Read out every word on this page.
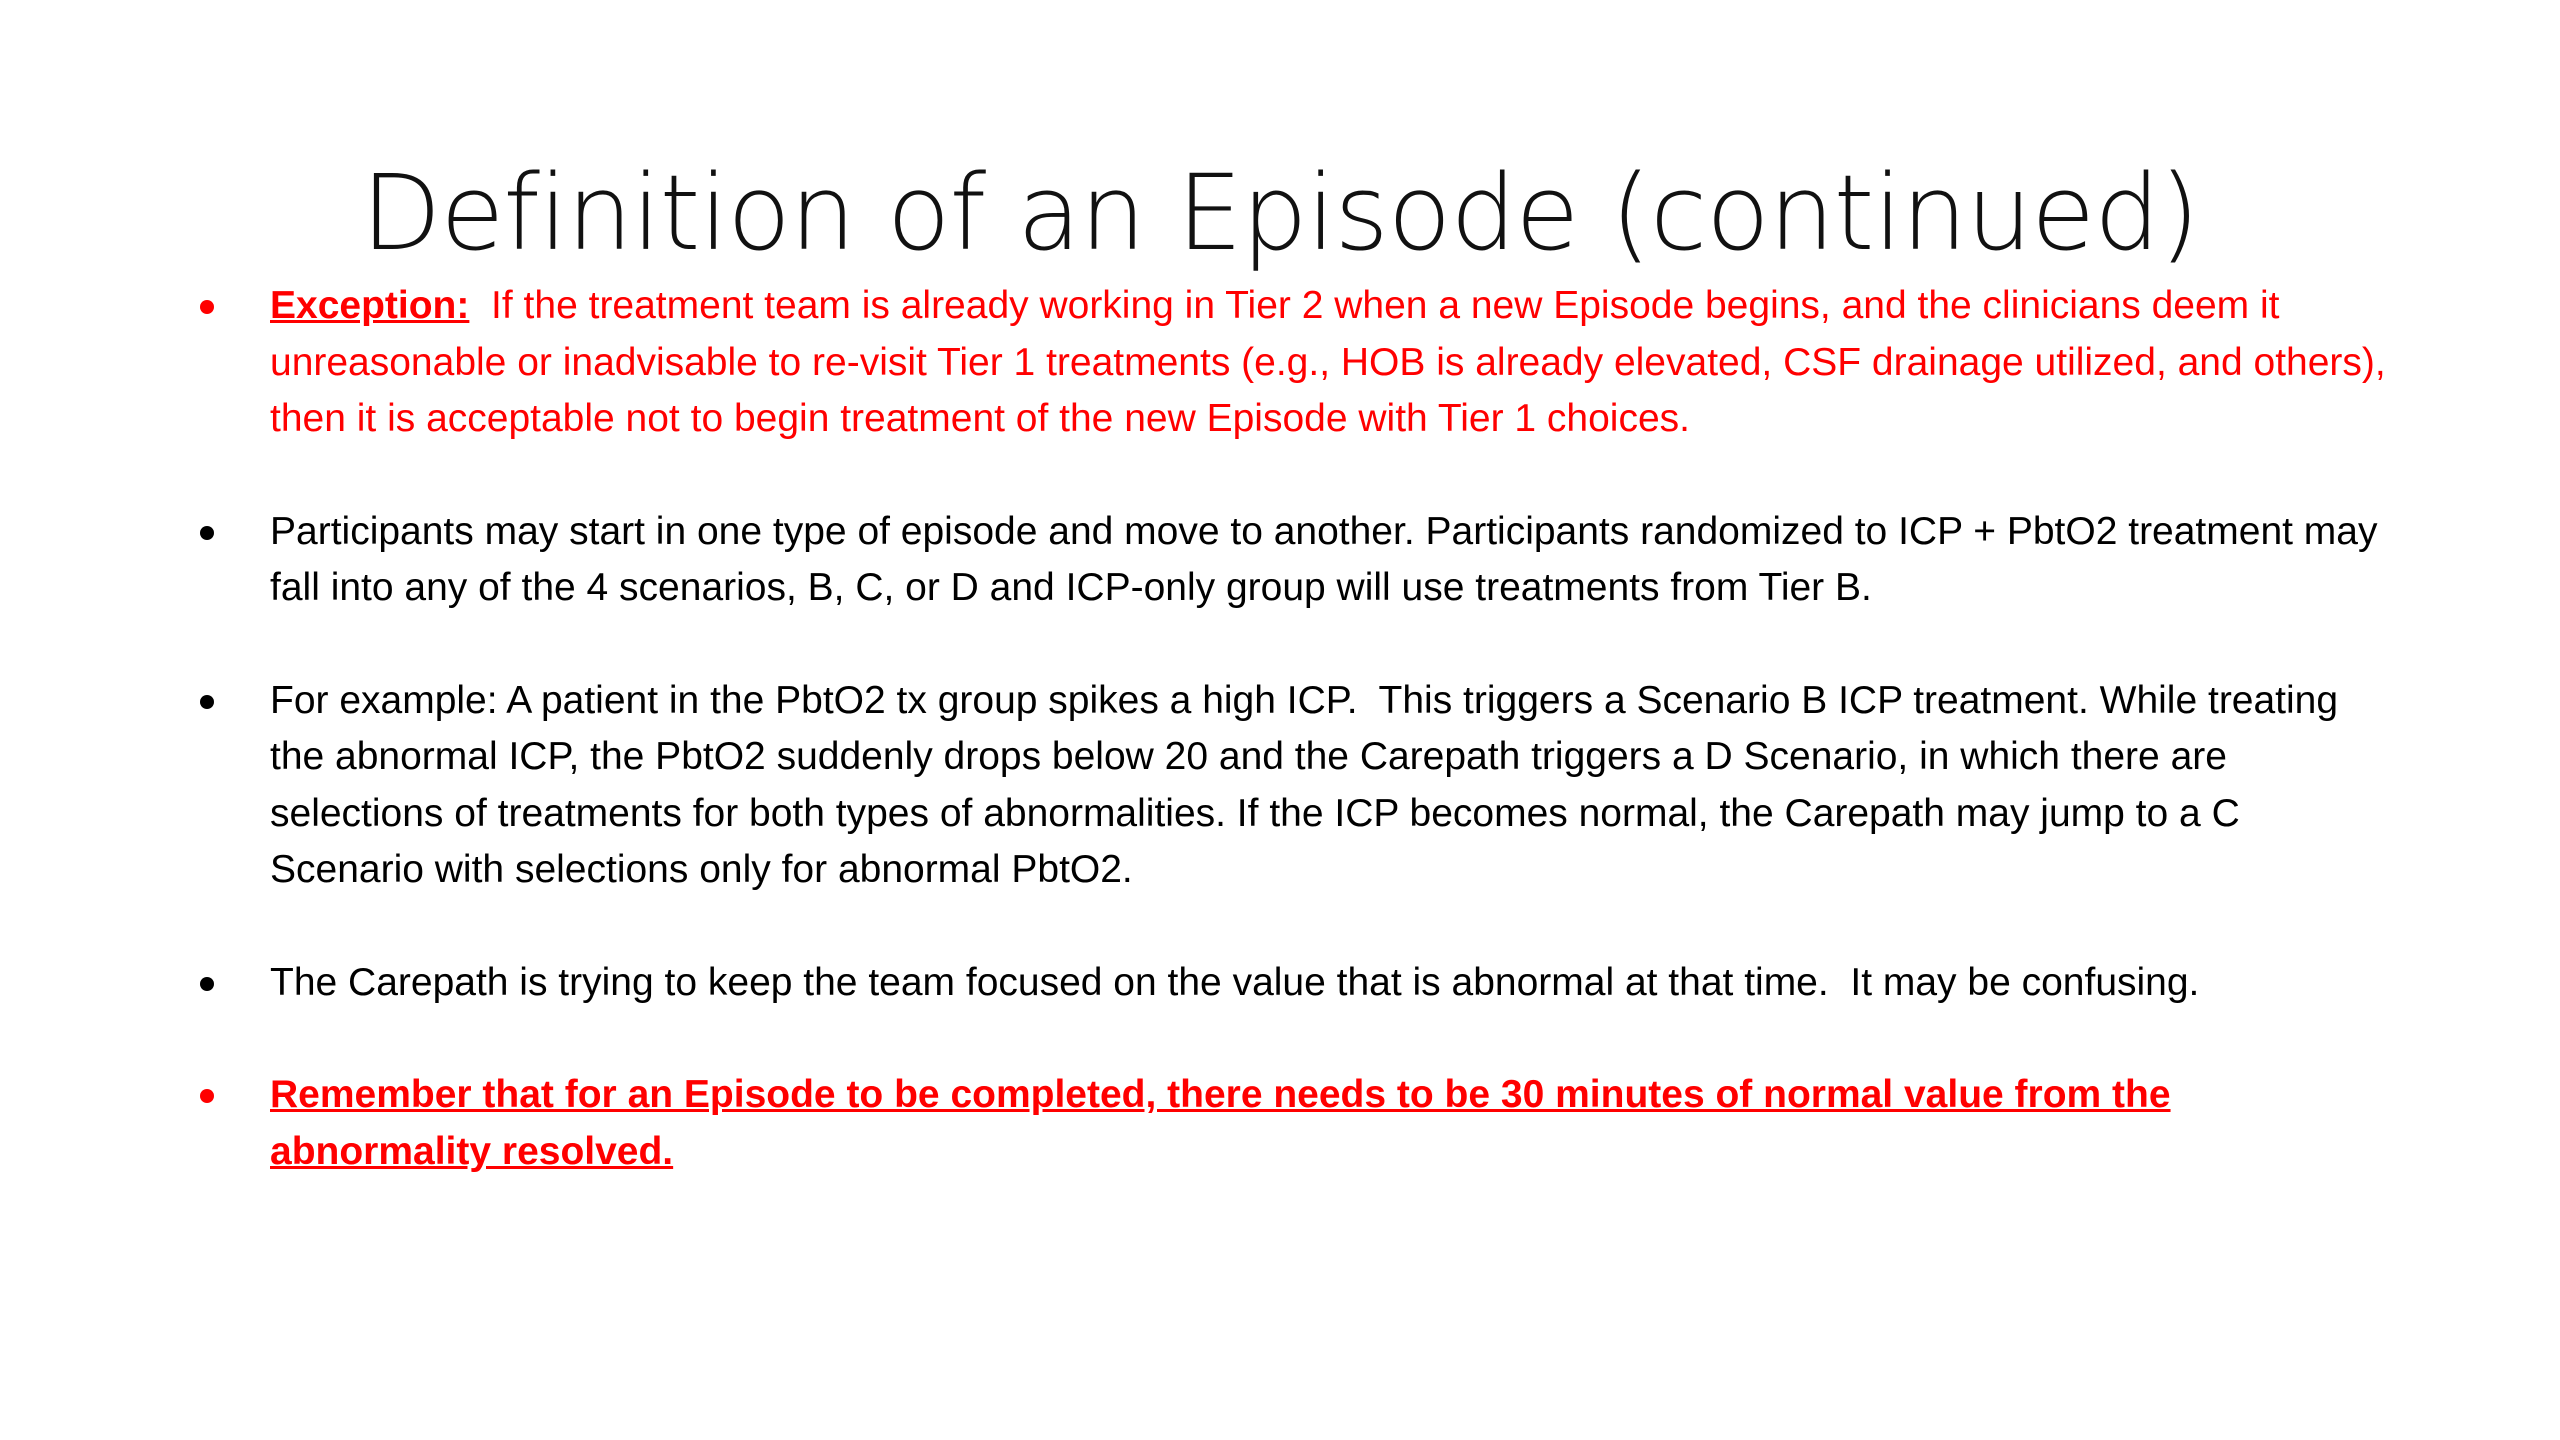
Definition of an Episode (continued)
Exception:  If the treatment team is already working in Tier 2 when a new Episode begins, and the clinicians deem it unreasonable or inadvisable to re-visit Tier 1 treatments (e.g., HOB is already elevated, CSF drainage utilized, and others), then it is acceptable not to begin treatment of the new Episode with Tier 1 choices.
Participants may start in one type of episode and move to another. Participants randomized to ICP + PbtO2 treatment may fall into any of the 4 scenarios, B, C, or D and ICP-only group will use treatments from Tier B.
For example: A patient in the PbtO2 tx group spikes a high ICP.  This triggers a Scenario B ICP treatment. While treating the abnormal ICP, the PbtO2 suddenly drops below 20 and the Carepath triggers a D Scenario, in which there are selections of treatments for both types of abnormalities. If the ICP becomes normal, the Carepath may jump to a C Scenario with selections only for abnormal PbtO2.
The Carepath is trying to keep the team focused on the value that is abnormal at that time.  It may be confusing.
Remember that for an Episode to be completed, there needs to be 30 minutes of normal value from the abnormality resolved.
